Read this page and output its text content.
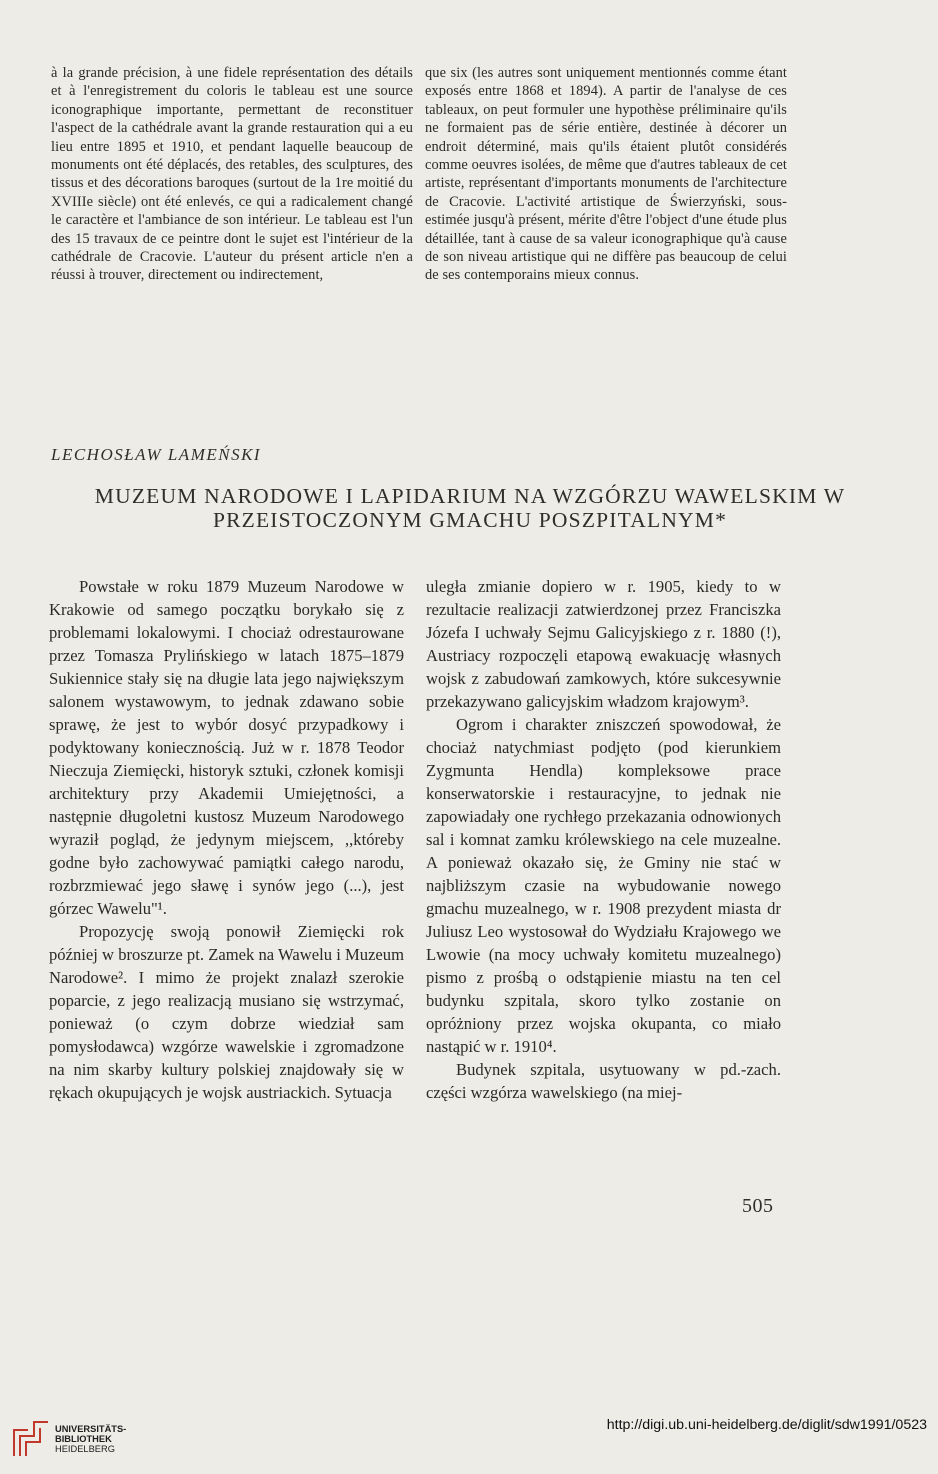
à la grande précision, à une fidele représentation des détails et à l'enregistrement du coloris le tableau est une source iconographique importante, permettant de reconstituer l'aspect de la cathédrale avant la grande restauration qui a eu lieu entre 1895 et 1910, et pendant laquelle beaucoup de monuments ont été déplacés, des retables, des sculptures, des tissus et des décorations baroques (surtout de la 1re moitié du XVIIIe siècle) ont été enlevés, ce qui a radicalement changé le caractère et l'ambiance de son intérieur. Le tableau est l'un des 15 travaux de ce peintre dont le sujet est l'intérieur de la cathédrale de Cracovie. L'auteur du présent article n'en a réussi à trouver, directement ou indirectement,

que six (les autres sont uniquement mentionnés comme étant exposés entre 1868 et 1894). A partir de l'analyse de ces tableaux, on peut formuler une hypothèse préliminaire qu'ils ne formaient pas de série entière, destinée à décorer un endroit déterminé, mais qu'ils étaient plutôt considérés comme oeuvres isolées, de même que d'autres tableaux de cet artiste, représentant d'importants monuments de l'architecture de Cracovie. L'activité artistique de Świerzyński, sous-estimée jusqu'à présent, mérite d'être l'object d'une étude plus détaillée, tant à cause de sa valeur iconographique qu'à cause de son niveau artistique qui ne diffère pas beaucoup de celui de ses contemporains mieux connus.

LECHOSŁAW LAMEŃSKI
MUZEUM NARODOWE I LAPIDARIUM NA WZGÓRZU WAWELSKIM W PRZEISTOCZONYM GMACHU POSZPITALNYM*

Powstałe w roku 1879 Muzeum Narodowe w Krakowie od samego początku borykało się z problemami lokalowymi. I chociaż odrestaurowane przez Tomasza Prylińskiego w latach 1875–1879 Sukiennice stały się na długie lata jego największym salonem wystawowym, to jednak zdawano sobie sprawę, że jest to wybór dosyć przypadkowy i podyktowany koniecznością. Już w r. 1878 Teodor Nieczuja Ziemięcki, historyk sztuki, członek komisji architektury przy Akademii Umiejętności, a następnie długoletni kustosz Muzeum Narodowego wyraził pogląd, że jedynym miejscem, ,,któreby godne było zachowywać pamiątki całego narodu, rozbrzmiewać jego sławę i synów jego (...), jest górzec Wawelu"¹.

Propozycję swoją ponowił Ziemięcki rok później w broszurze pt. Zamek na Wawelu i Muzeum Narodowe². I mimo że projekt znalazł szerokie poparcie, z jego realizacją musiano się wstrzymać, ponieważ (o czym dobrze wiedział sam pomysłodawca) wzgórze wawelskie i zgromadzone na nim skarby kultury polskiej znajdowały się w rękach okupujących je wojsk austriackich. Sytuacja

uległa zmianie dopiero w r. 1905, kiedy to w rezultacie realizacji zatwierdzonej przez Franciszka Józefa I uchwały Sejmu Galicyjskiego z r. 1880 (!), Austriacy rozpoczęli etapową ewakuację własnych wojsk z zabudowań zamkowych, które sukcesywnie przekazywano galicyjskim władzom krajowym³.

Ogrom i charakter zniszczeń spowodował, że chociaż natychmiast podjęto (pod kierunkiem Zygmunta Hendla) kompleksowe prace konserwatorskie i restauracyjne, to jednak nie zapowiadały one rychłego przekazania odnowionych sal i komnat zamku królewskiego na cele muzealne. A ponieważ okazało się, że Gminy nie stać w najbliższym czasie na wybudowanie nowego gmachu muzealnego, w r. 1908 prezydent miasta dr Juliusz Leo wystosował do Wydziału Krajowego we Lwowie (na mocy uchwały komitetu muzealnego) pismo z prośbą o odstąpienie miastu na ten cel budynku szpitala, skoro tylko zostanie on opróżniony przez wojska okupanta, co miało nastąpić w r. 1910⁴.

Budynek szpitala, usytuowany w pd.-zach. części wzgórza wawelskiego (na miej-

505
UNIVERSITÄTS-
BIBLIOTHEK
HEIDELBERG
http://digi.ub.uni-heidelberg.de/diglit/sdw1991/0523
